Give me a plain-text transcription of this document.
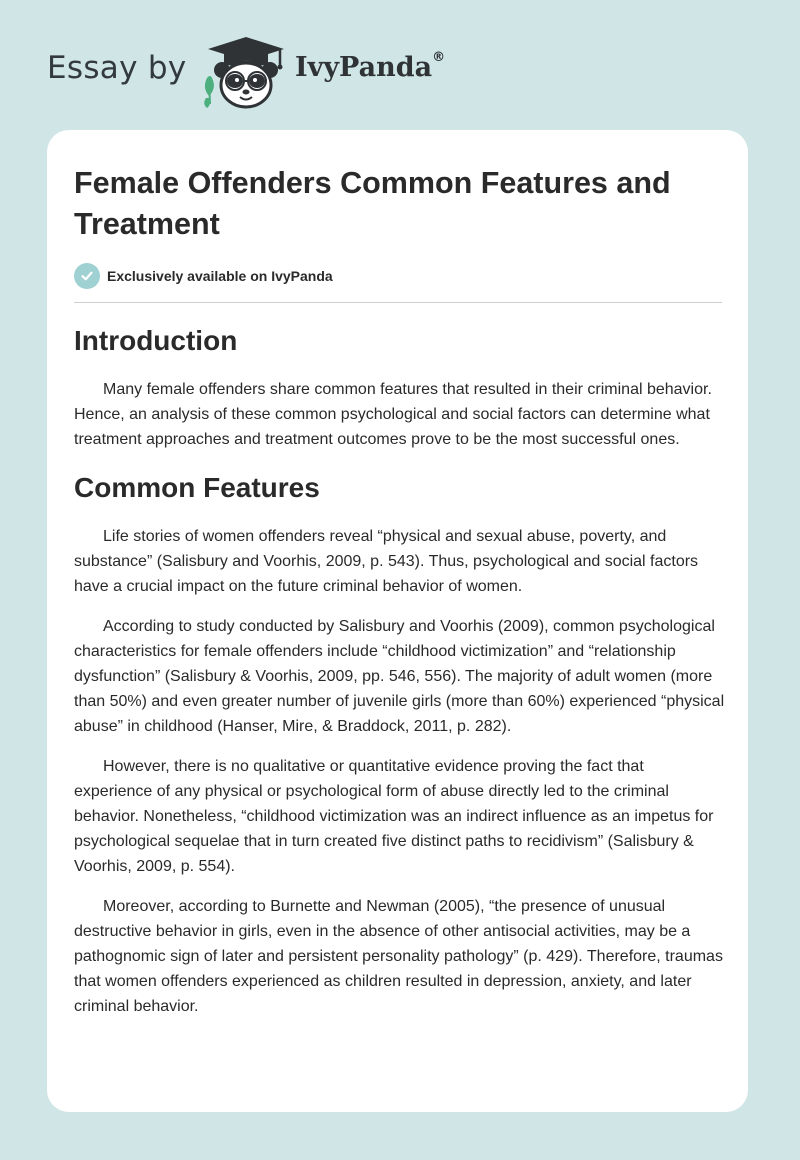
Essay by	IvyPanda®
Female Offenders Common Features and Treatment
Exclusively available on IvyPanda
Introduction

Many female offenders share common features that resulted in their criminal behavior. Hence, an analysis of these common psychological and social factors can determine what treatment approaches and treatment outcomes prove to be the most successful ones.

Common Features

Life stories of women offenders reveal “physical and sexual abuse, poverty, and substance” (Salisbury and Voorhis, 2009, p. 543). Thus, psychological and social factors have a crucial impact on the future criminal behavior of women.

According to study conducted by Salisbury and Voorhis (2009), common psychological characteristics for female offenders include “childhood victimization” and “relationship dysfunction” (Salisbury & Voorhis, 2009, pp. 546, 556). The majority of adult women (more than 50%) and even greater number of juvenile girls (more than 60%) experienced “physical abuse” in childhood (Hanser, Mire, & Braddock, 2011, p. 282).

However, there is no qualitative or quantitative evidence proving the fact that experience of any physical or psychological form of abuse directly led to the criminal behavior. Nonetheless, “childhood victimization was an indirect influence as an impetus for psychological sequelae that in turn created five distinct paths to recidivism” (Salisbury & Voorhis, 2009, p. 554).

Moreover, according to Burnette and Newman (2005), “the presence of unusual destructive behavior in girls, even in the absence of other antisocial activities, may be a pathognomic sign of later and persistent personality pathology” (p. 429). Therefore, traumas that women offenders experienced as children resulted in depression, anxiety, and later criminal behavior.
